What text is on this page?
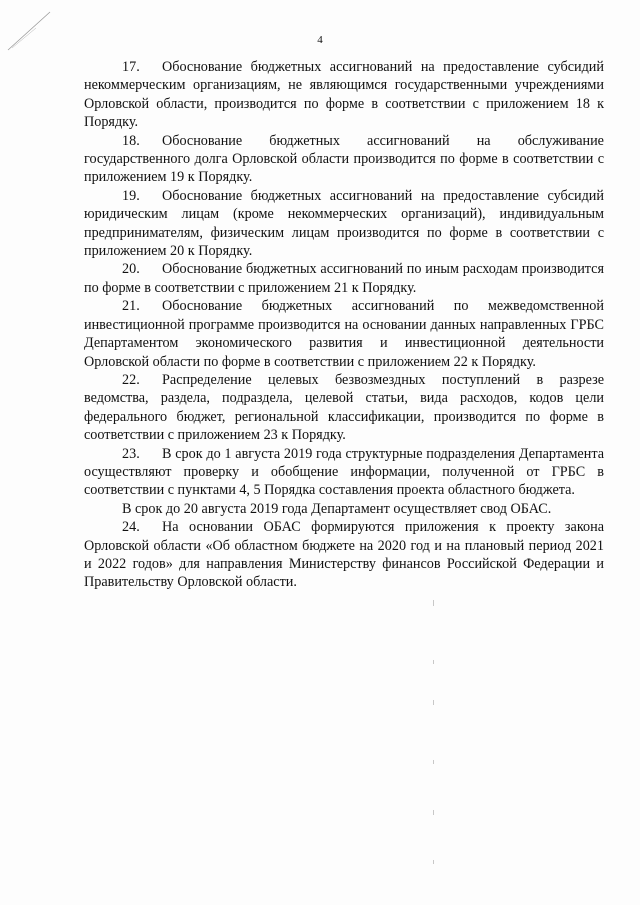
4

17. Обоснование бюджетных ассигнований на предоставление субсидий некоммерческим организациям, не являющимся государственными учреждениями Орловской области, производится по форме в соответствии с приложением 18 к Порядку.

18. Обоснование бюджетных ассигнований на обслуживание государственного долга Орловской области производится по форме в соответствии с приложением 19 к Порядку.

19. Обоснование бюджетных ассигнований на предоставление субсидий юридическим лицам (кроме некоммерческих организаций), индивидуальным предпринимателям, физическим лицам производится по форме в соответствии с приложением 20 к Порядку.

20. Обоснование бюджетных ассигнований по иным расходам производится по форме в соответствии с приложением 21 к Порядку.

21. Обоснование бюджетных ассигнований по межведомственной инвестиционной программе производится на основании данных направленных ГРБС Департаментом экономического развития и инвестиционной деятельности Орловской области по форме в соответствии с приложением 22 к Порядку.

22. Распределение целевых безвозмездных поступлений в разрезе ведомства, раздела, подраздела, целевой статьи, вида расходов, кодов цели федерального бюджет, региональной классификации, производится по форме в соответствии с приложением 23 к Порядку.

23. В срок до 1 августа 2019 года структурные подразделения Департамента осуществляют проверку и обобщение информации, полученной от ГРБС в соответствии с пунктами 4, 5 Порядка составления проекта областного бюджета.

В срок до 20 августа 2019 года Департамент осуществляет свод ОБАС.

24. На основании ОБАС формируются приложения к проекту закона Орловской области «Об областном бюджете на 2020 год и на плановый период 2021 и 2022 годов» для направления Министерству финансов Российской Федерации и Правительству Орловской области.
